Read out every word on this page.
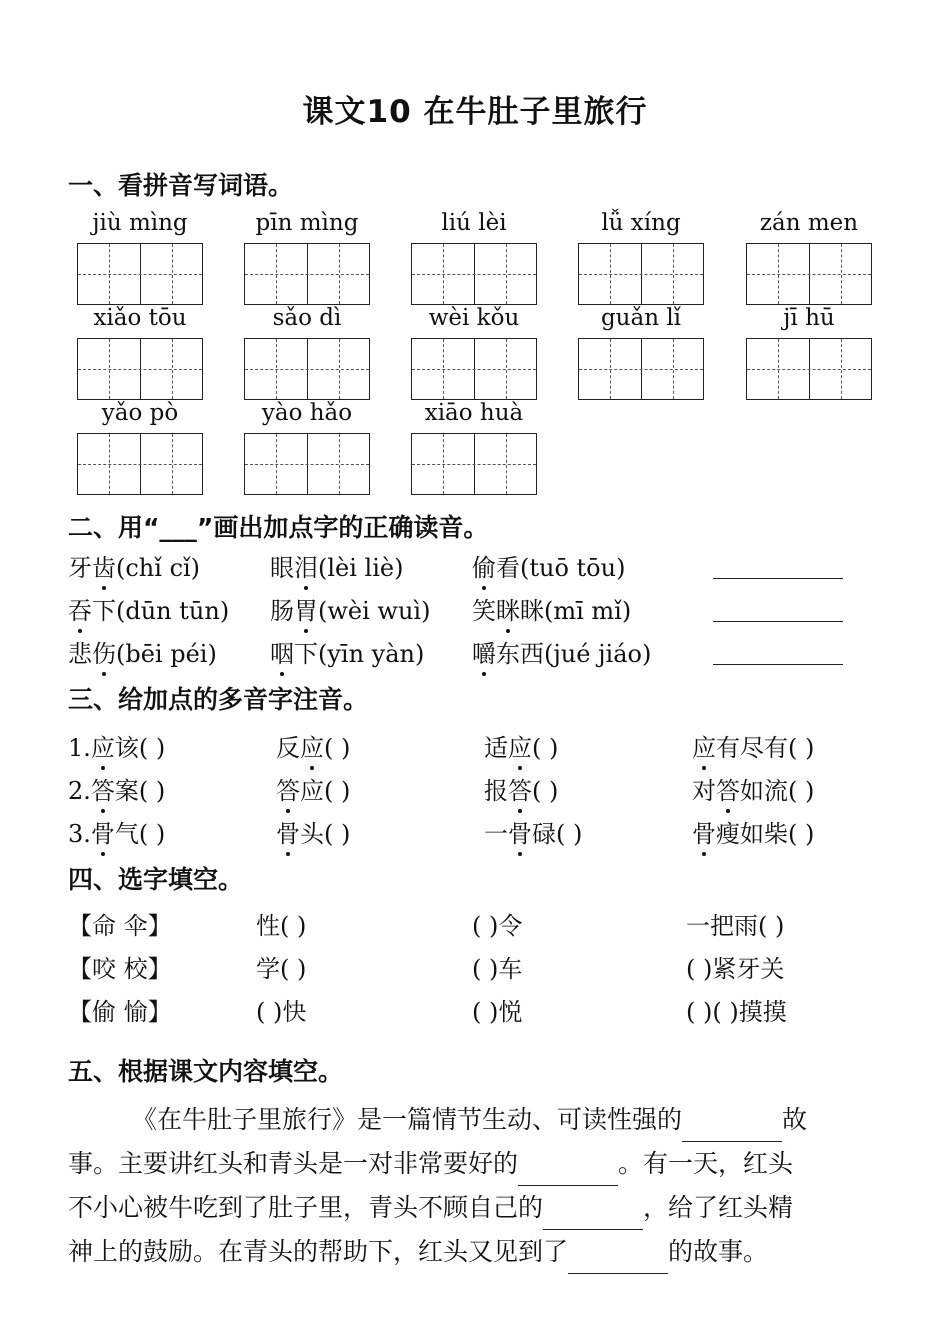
课文10 在牛肚子里旅行
一、看拼音写词语。
jiù mìng	pīn mìng	liú lèi	lǚ xíng	zán men
xiǎo tōu	sǎo dì	wèi kǒu	guǎn lǐ	jī hū
yǎo pò	yào hǎo	xiāo huà
二、用“___”画出加点字的正确读音。
牙齿(chǐ cǐ)	眼泪(lèi liè)	偷看(tuō tōu)
吞下(dūn tūn) 肠胃(wèi wuì) 笑眯眯(mī mǐ)
悲伤(bēi péi) 咽下(yīn yàn) 嚼东西(jué jiáo)
三、给加点的多音字注音。
1.应该( )	反应( )	适应( )	应有尽有( )
2.答案( )	答应( )	报答( )	对答如流( )
3.骨气( )	骨头( )	一骨碌( )	骨瘦如柴( )
四、选字填空。
【命 伞】	性( )	( )令	一把雨( )
【咬 校】	学( )	( )车	( )紧牙关
【偷 愉】	( )快	( )悦	( )( )摸摸
五、根据课文内容填空。
《在牛肚子里旅行》是一篇情节生动、可读性强的	故
事。主要讲红头和青头是一对非常要好的	。有一天，红头
不小心被牛吃到了肚子里，青头不顾自己的	，给了红头精
神上的鼓励。在青头的帮助下，红头又见到了	的故事。
